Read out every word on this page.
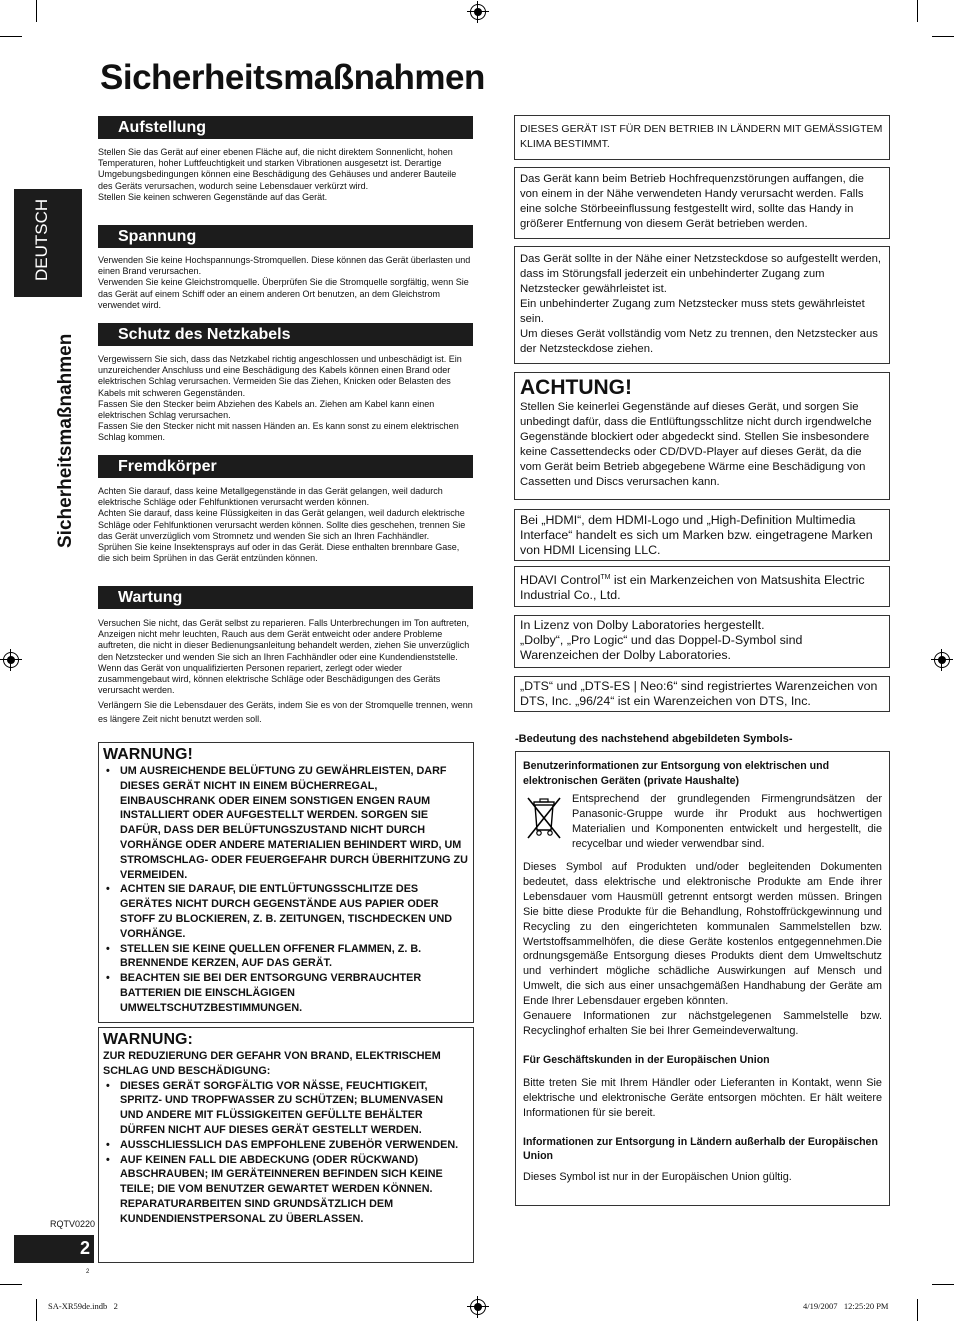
Sicherheitsmaßnahmen
DEUTSCH
Sicherheitsmaßnahmen
Aufstellung
Stellen Sie das Gerät auf einer ebenen Fläche auf, die nicht direktem Sonnenlicht, hohen Temperaturen, hoher Luftfeuchtigkeit und starken Vibrationen ausgesetzt ist. Derartige Umgebungsbedingungen können eine Beschädigung des Gehäuses und anderer Bauteile des Geräts verursachen, wodurch seine Lebensdauer verkürzt wird.
Stellen Sie keinen schweren Gegenstände auf das Gerät.
Spannung
Verwenden Sie keine Hochspannungs-Stromquellen. Diese können das Gerät überlasten und einen Brand verursachen.
Verwenden Sie keine Gleichstromquelle. Überprüfen Sie die Stromquelle sorgfältig, wenn Sie das Gerät auf einem Schiff oder an einem anderen Ort benutzen, an dem Gleichstrom verwendet wird.
Schutz des Netzkabels
Vergewissern Sie sich, dass das Netzkabel richtig angeschlossen und unbeschädigt ist. Ein unzureichender Anschluss und eine Beschädigung des Kabels können einen Brand oder elektrischen Schlag verursachen. Vermeiden Sie das Ziehen, Knicken oder Belasten des Kabels mit schweren Gegenständen.
Fassen Sie den Stecker beim Abziehen des Kabels an. Ziehen am Kabel kann einen elektrischen Schlag verursachen.
Fassen Sie den Stecker nicht mit nassen Händen an. Es kann sonst zu einem elektrischen Schlag kommen.
Fremdkörper
Achten Sie darauf, dass keine Metallgegenstände in das Gerät gelangen, weil dadurch elektrische Schläge oder Fehlfunktionen verursacht werden können.
Achten Sie darauf, dass keine Flüssigkeiten in das Gerät gelangen, weil dadurch elektrische Schläge oder Fehlfunktionen verursacht werden können. Sollte dies geschehen, trennen Sie das Gerät unverzüglich vom Stromnetz und wenden Sie sich an Ihren Fachhändler.
Sprühen Sie keine Insektensprays auf oder in das Gerät. Diese enthalten brennbare Gase, die sich beim Sprühen in das Gerät entzünden können.
Wartung
Versuchen Sie nicht, das Gerät selbst zu reparieren. Falls Unterbrechungen im Ton auftreten, Anzeigen nicht mehr leuchten, Rauch aus dem Gerät entweicht oder andere Probleme auftreten, die nicht in dieser Bedienungsanleitung behandelt werden, ziehen Sie unverzüglich den Netzstecker und wenden Sie sich an Ihren Fachhändler oder eine Kundendienststelle. Wenn das Gerät von unqualifizierten Personen repariert, zerlegt oder wieder zusammengebaut wird, können elektrische Schläge oder Beschädigungen des Geräts verursacht werden.
Verlängern Sie die Lebensdauer des Geräts, indem Sie es von der Stromquelle trennen, wenn es längere Zeit nicht benutzt werden soll.
WARNUNG!
• UM AUSREICHENDE BELÜFTUNG ZU GEWÄHRLEISTEN, DARF DIESES GERÄT NICHT IN EINEM BÜCHERREGAL, EINBAUSCHRANK ODER EINEM SONSTIGEN ENGEN RAUM INSTALLIERT ODER AUFGESTELLT WERDEN. SORGEN SIE DAFÜR, DASS DER BELÜFTUNGSZUSTAND NICHT DURCH VORHÄNGE ODER ANDERE MATERIALIEN BEHINDERT WIRD, UM STROMSCHLAG- ODER FEUERGEFAHR DURCH ÜBERHITZUNG ZU VERMEIDEN.
• ACHTEN SIE DARAUF, DIE ENTLÜFTUNGSSCHLITZE DES GERÄTES NICHT DURCH GEGENSTÄNDE AUS PAPIER ODER STOFF ZU BLOCKIEREN, Z. B. ZEITUNGEN, TISCHDECKEN UND VORHÄNGE.
• STELLEN SIE KEINE QUELLEN OFFENER FLAMMEN, Z. B. BRENNENDE KERZEN, AUF DAS GERÄT.
• BEACHTEN SIE BEI DER ENTSORGUNG VERBRAUCHTER BATTERIEN DIE EINSCHLÄGIGEN UMWELTSCHUTZBESTIMMUNGEN.
WARNUNG:
ZUR REDUZIERUNG DER GEFAHR VON BRAND, ELEKTRISCHEM SCHLAG UND BESCHÄDIGUNG:
• DIESES GERÄT SORGFÄLTIG VOR NÄSSE, FEUCHTIGKEIT, SPRITZ- UND TROPFWASSER ZU SCHÜTZEN; BLUMENVASEN UND ANDERE MIT FLÜSSIGKEITEN GEFÜLLTE BEHÄLTER DÜRFEN NICHT AUF DIESES GERÄT GESTELLT WERDEN.
• AUSSCHLIESSLICH DAS EMPFOHLENE ZUBEHÖR VERWENDEN.
• AUF KEINEN FALL DIE ABDECKUNG (ODER RÜCKWAND) ABSCHRAUBEN; IM GERÄTEINNEREN BEFINDEN SICH KEINE TEILE; DIE VOM BENUTZER GEWARTET WERDEN KÖNNEN. REPARATURARBEITEN SIND GRUNDSÄTZLICH DEM KUNDENDIENSTPERSONAL ZU ÜBERLASSEN.
RQTV0220
2
2
SA-XR59de.indb   2	4/19/2007   12:25:20 PM
DIESES GERÄT IST FÜR DEN BETRIEB IN LÄNDERN MIT GEMÄSSIGTEM KLIMA BESTIMMT.
Das Gerät kann beim Betrieb Hochfrequenzstörungen auffangen, die von einem in der Nähe verwendeten Handy verursacht werden. Falls eine solche Störbeeinflussung festgestellt wird, sollte das Handy in größerer Entfernung von diesem Gerät betrieben werden.
Das Gerät sollte in der Nähe einer Netzsteckdose so aufgestellt werden, dass im Störungsfall jederzeit ein unbehinderter Zugang zum Netzstecker gewährleistet ist.
Ein unbehinderter Zugang zum Netzstecker muss stets gewährleistet sein.
Um dieses Gerät vollständig vom Netz zu trennen, den Netzstecker aus der Netzsteckdose ziehen.
ACHTUNG!
Stellen Sie keinerlei Gegenstände auf dieses Gerät, und sorgen Sie unbedingt dafür, dass die Entlüftungsschlitze nicht durch irgendwelche Gegenstände blockiert oder abgedeckt sind. Stellen Sie insbesondere keine Cassettendecks oder CD/DVD-Player auf dieses Gerät, da die vom Gerät beim Betrieb abgegebene Wärme eine Beschädigung von Cassetten und Discs verursachen kann.
Bei „HDMI“, dem HDMI-Logo und „High-Definition Multimedia Interface“ handelt es sich um Marken bzw. eingetragene Marken von HDMI Licensing LLC.
HDAVI Control™ ist ein Markenzeichen von Matsushita Electric Industrial Co., Ltd.
In Lizenz von Dolby Laboratories hergestellt.
„Dolby“, „Pro Logic“ und das Doppel-D-Symbol sind Warenzeichen der Dolby Laboratories.
„DTS“ und „DTS-ES | Neo:6“ sind registriertes Warenzeichen von DTS, Inc. „96/24“ ist ein Warenzeichen von DTS, Inc.
-Bedeutung des nachstehend abgebildeten Symbols-
Benutzerinformationen zur Entsorgung von elektrischen und elektronischen Geräten (private Haushalte)
Entsprechend der grundlegenden Firmengrundsätzen der Panasonic-Gruppe wurde ihr Produkt aus hochwertigen Materialien und Komponenten entwickelt und hergestellt, die recycelbar und wieder verwendbar sind.
Dieses Symbol auf Produkten und/oder begleitenden Dokumenten bedeutet, dass elektrische und elektronische Produkte am Ende ihrer Lebensdauer vom Hausmüll getrennt entsorgt werden müssen. Bringen Sie bitte diese Produkte für die Behandlung, Rohstoffrückgewinnung und Recycling zu den eingerichteten kommunalen Sammelstellen bzw. Wertstoffsammelhöfen, die diese Geräte kostenlos entgegennehmen.Die ordnungsgemäße Entsorgung dieses Produkts dient dem Umweltschutz und verhindert mögliche schädliche Auswirkungen auf Mensch und Umwelt, die sich aus einer unsachgemäßen Handhabung der Geräte am Ende Ihrer Lebensdauer ergeben könnten.
Genauere Informationen zur nächstgelegenen Sammelstelle bzw. Recyclinghof erhalten Sie bei Ihrer Gemeindeverwaltung.
Für Geschäftskunden in der Europäischen Union
Bitte treten Sie mit Ihrem Händler oder Lieferanten in Kontakt, wenn Sie elektrische und elektronische Geräte entsorgen möchten. Er hält weitere Informationen für sie bereit.
Informationen zur Entsorgung in Ländern außerhalb der Europäischen Union
Dieses Symbol ist nur in der Europäischen Union gültig.
